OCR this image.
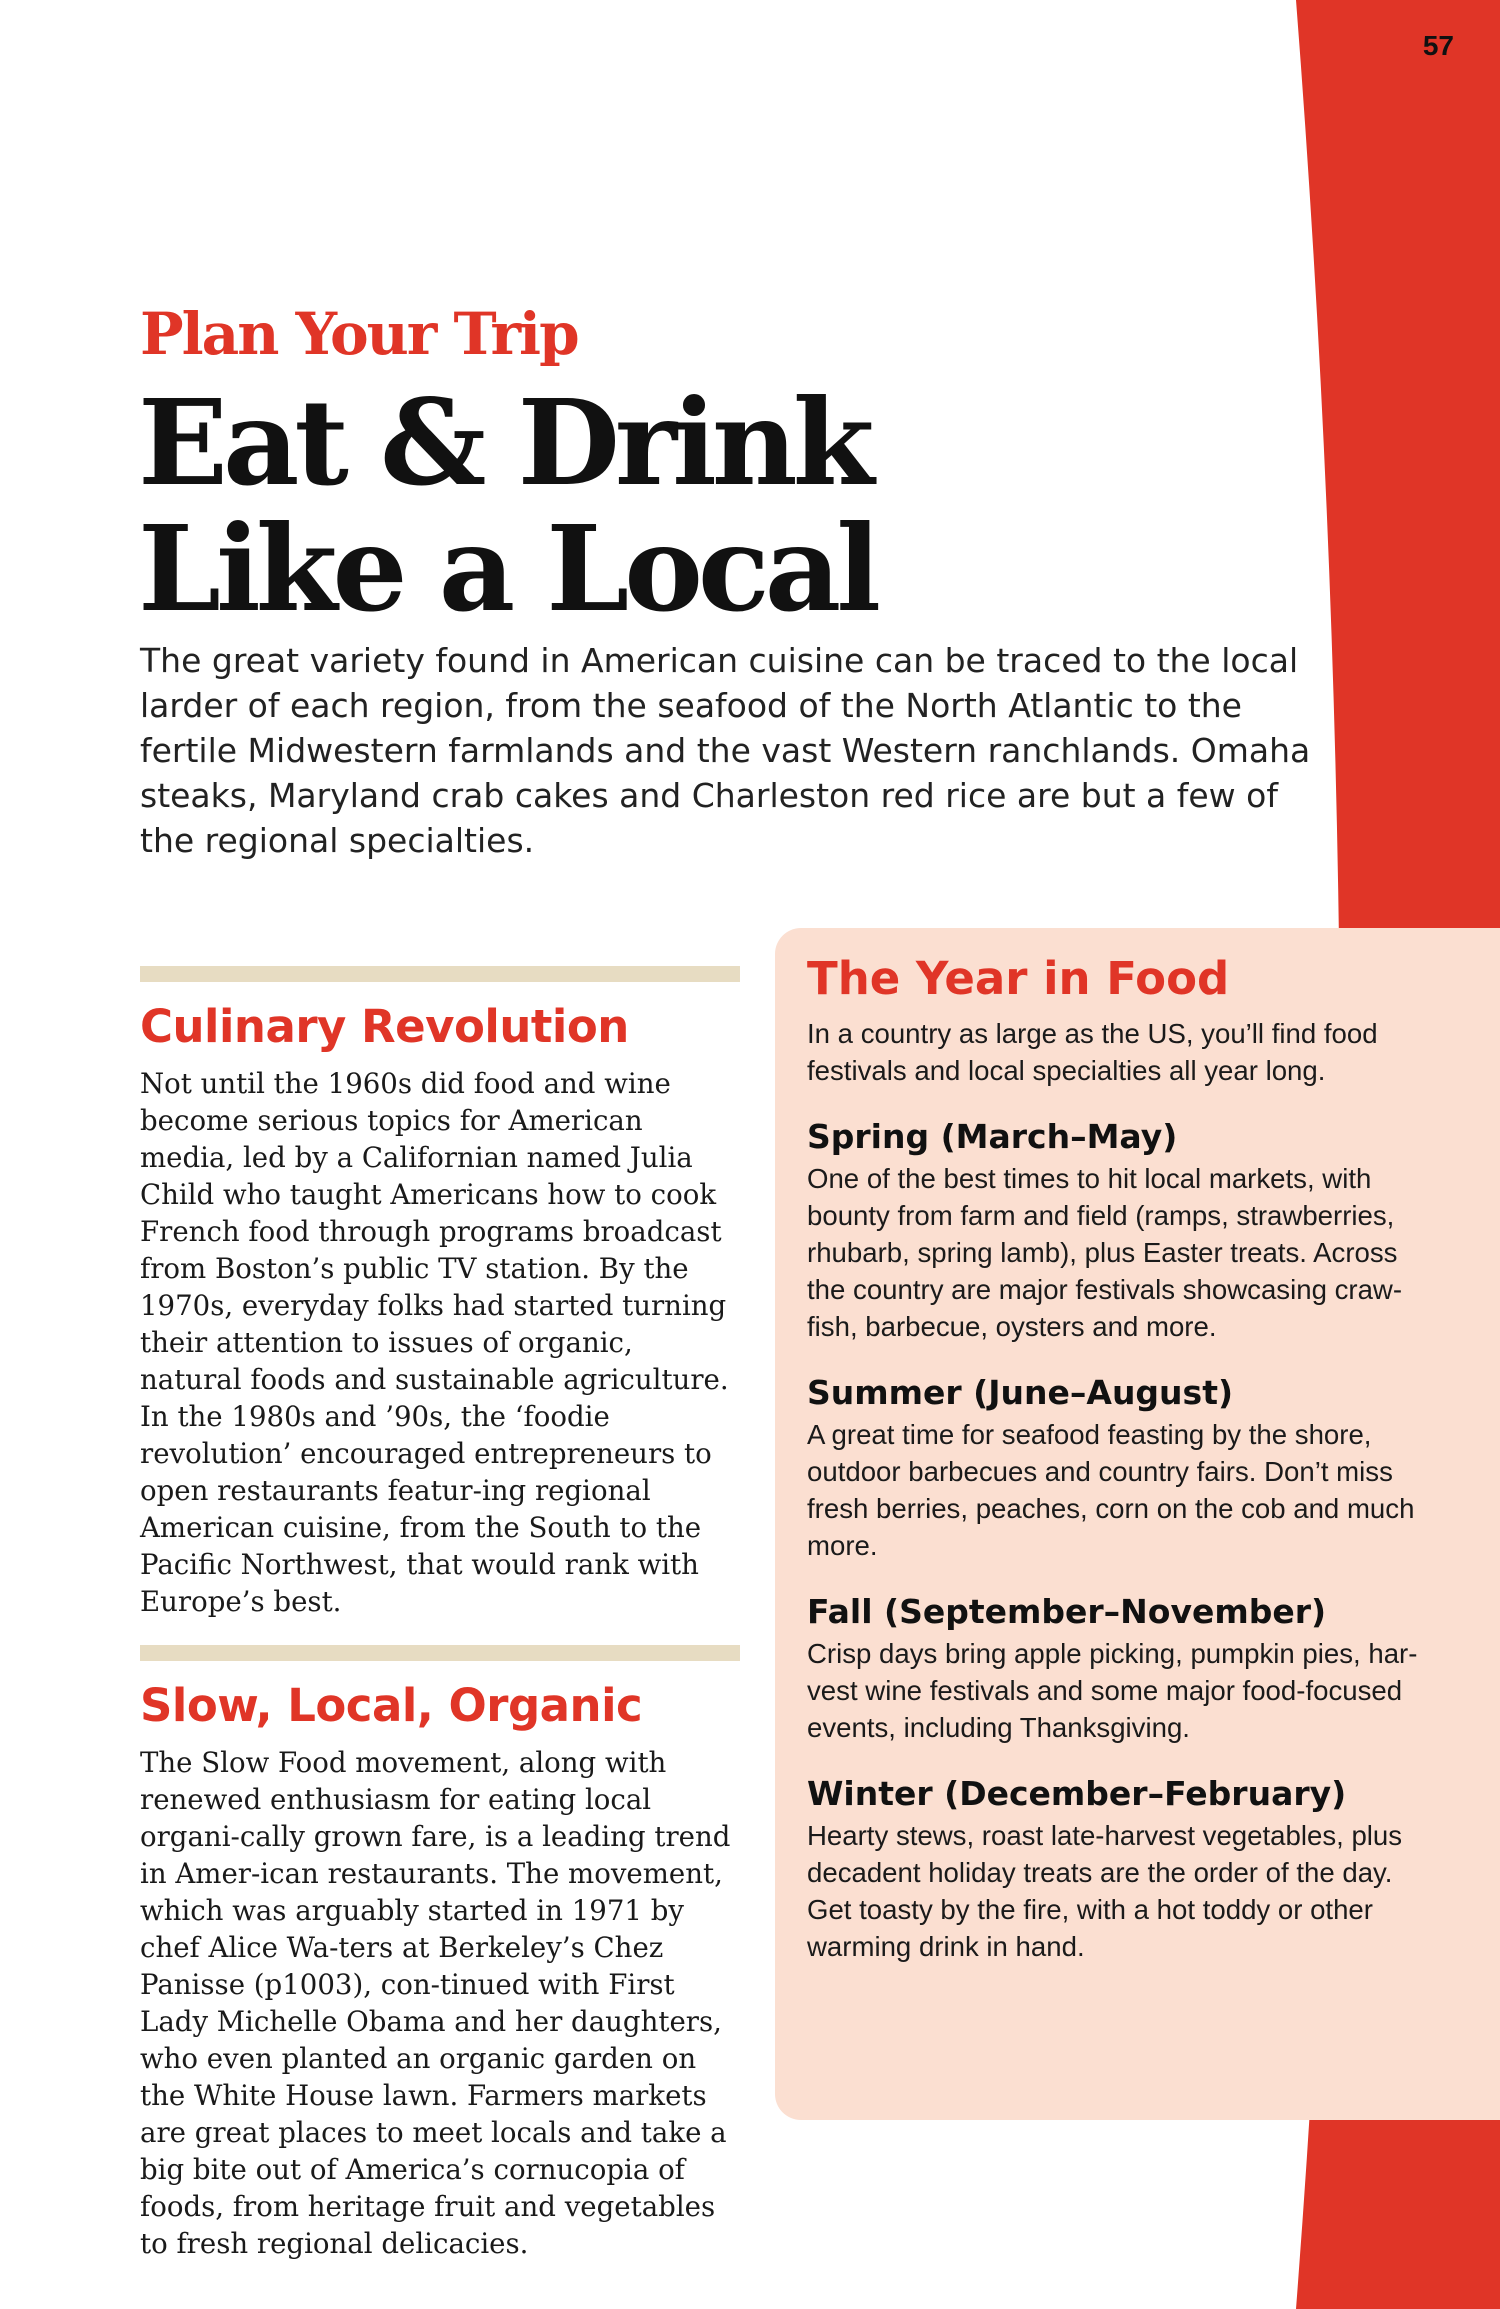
57
Plan Your Trip
Eat & Drink
Like a Local

The great variety found in American cuisine can be traced to the local larder of each region, from the seafood of the North Atlantic to the fertile Midwestern farmlands and the vast Western ranchlands. Omaha steaks, Maryland crab cakes and Charleston red rice are but a few of the regional specialties.

Culinary Revolution

Not until the 1960s did food and wine become serious topics for American media, led by a Californian named Julia Child who taught Americans how to cook French food through programs broadcast from Boston’s public TV station. By the 1970s, everyday folks had started turning their attention to issues of organic, natural foods and sustainable agriculture. In the 1980s and ’90s, the ‘foodie revolution’ encouraged entrepreneurs to open restaurants featur-ing regional American cuisine, from the South to the Pacific Northwest, that would rank with Europe’s best.

Slow, Local, Organic

The Slow Food movement, along with renewed enthusiasm for eating local organi-cally grown fare, is a leading trend in Amer-ican restaurants. The movement, which was arguably started in 1971 by chef Alice Wa-ters at Berkeley’s Chez Panisse (p1003), con-tinued with First Lady Michelle Obama and her daughters, who even planted an organic garden on the White House lawn. Farmers markets are great places to meet locals and take a big bite out of America’s cornucopia of foods, from heritage fruit and vegetables to fresh regional delicacies.

The Year in Food

In a country as large as the US, you’ll find food festivals and local specialties all year long.

Spring (March–May)

One of the best times to hit local markets, with bounty from farm and field (ramps, strawberries, rhubarb, spring lamb), plus Easter treats. Across the country are major festivals showcasing craw-fish, barbecue, oysters and more.

Summer (June–August)

A great time for seafood feasting by the shore, outdoor barbecues and country fairs. Don’t miss fresh berries, peaches, corn on the cob and much more.

Fall (September–November)

Crisp days bring apple picking, pumpkin pies, har-vest wine festivals and some major food-focused events, including Thanksgiving.

Winter (December–February)

Hearty stews, roast late-harvest vegetables, plus decadent holiday treats are the order of the day. Get toasty by the fire, with a hot toddy or other warming drink in hand.
